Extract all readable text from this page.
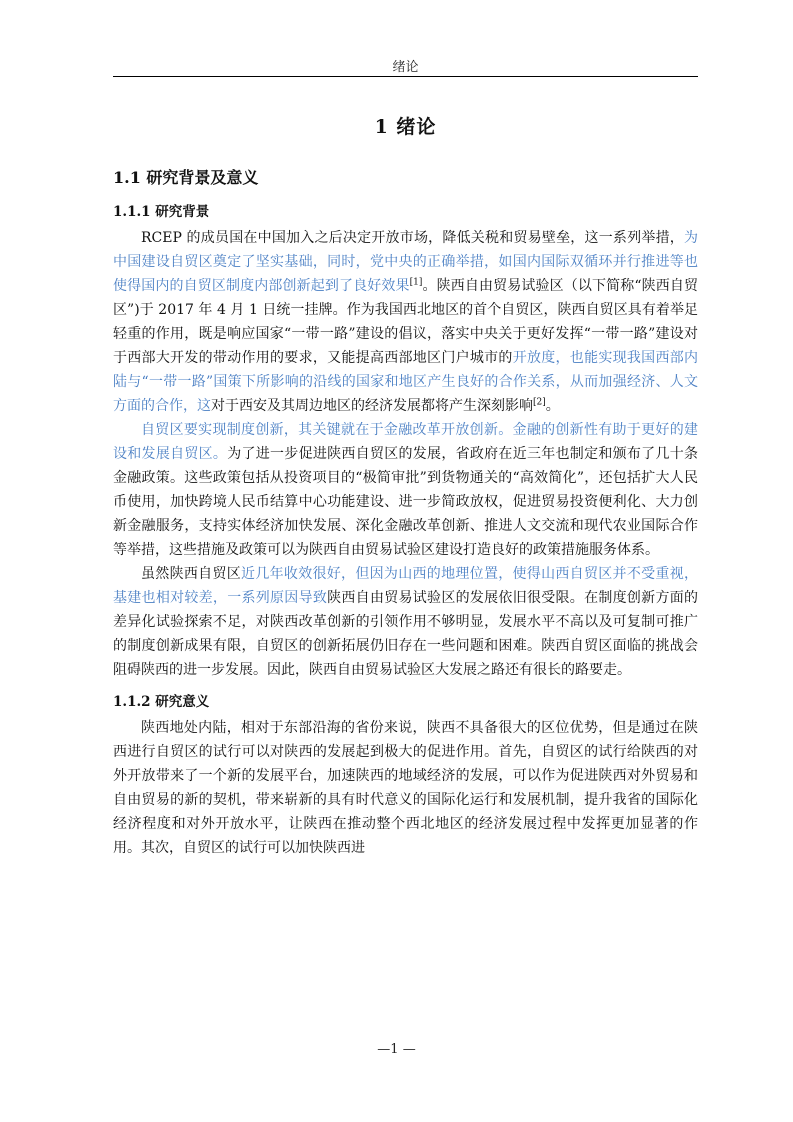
绪论
1 绪论
1.1 研究背景及意义
1.1.1 研究背景

RCEP 的成员国在中国加入之后决定开放市场，降低关税和贸易壁垒，这一系列举措，为中国建设自贸区奠定了坚实基础，同时，党中央的正确举措，如国内国际双循环并行推进等也使得国内的自贸区制度内部创新起到了良好效果[1]。陕西自由贸易试验区（以下简称“陕西自贸区”)于 2017 年 4 月 1 日统一挂牌。作为我国西北地区的首个自贸区，陕西自贸区具有着举足轻重的作用，既是响应国家“一带一路”建设的倡议，落实中央关于更好发挥“一带一路”建设对于西部大开发的带动作用的要求，又能提高西部地区门户城市的开放度，也能实现我国西部内陆与“一带一路”国策下所影响的沿线的国家和地区产生良好的合作关系，从而加强经济、人文方面的合作，这对于西安及其周边地区的经济发展都将产生深刻影响[2]。

自贸区要实现制度创新，其关键就在于金融改革开放创新。金融的创新性有助于更好的建设和发展自贸区。为了进一步促进陕西自贸区的发展，省政府在近三年也制定和颁布了几十条金融政策。这些政策包括从投资项目的“极简审批”到货物通关的“高效简化”，还包括扩大人民币使用，加快跨境人民币结算中心功能建设、进一步简政放权，促进贸易投资便利化、大力创新金融服务，支持实体经济加快发展、深化金融改革创新、推进人文交流和现代农业国际合作等举措，这些措施及政策可以为陕西自由贸易试验区建设打造良好的政策措施服务体系。

虽然陕西自贸区近几年收效很好，但因为山西的地理位置，使得山西自贸区并不受重视，基建也相对较差，一系列原因导致陕西自由贸易试验区的发展依旧很受限。在制度创新方面的差异化试验探索不足，对陕西改革创新的引领作用不够明显，发展水平不高以及可复制可推广的制度创新成果有限，自贸区的创新拓展仍旧存在一些问题和困难。陕西自贸区面临的挑战会阻碍陕西的进一步发展。因此，陕西自由贸易试验区大发展之路还有很长的路要走。

1.1.2 研究意义

陕西地处内陆，相对于东部沿海的省份来说，陕西不具备很大的区位优势，但是通过在陕西进行自贸区的试行可以对陕西的发展起到极大的促进作用。首先，自贸区的试行给陕西的对外开放带来了一个新的发展平台，加速陕西的地域经济的发展，可以作为促进陕西对外贸易和自由贸易的新的契机，带来崭新的具有时代意义的国际化运行和发展机制，提升我省的国际化经济程度和对外开放水平，让陕西在推动整个西北地区的经济发展过程中发挥更加显著的作用。其次，自贸区的试行可以加快陕西进

—1 —
